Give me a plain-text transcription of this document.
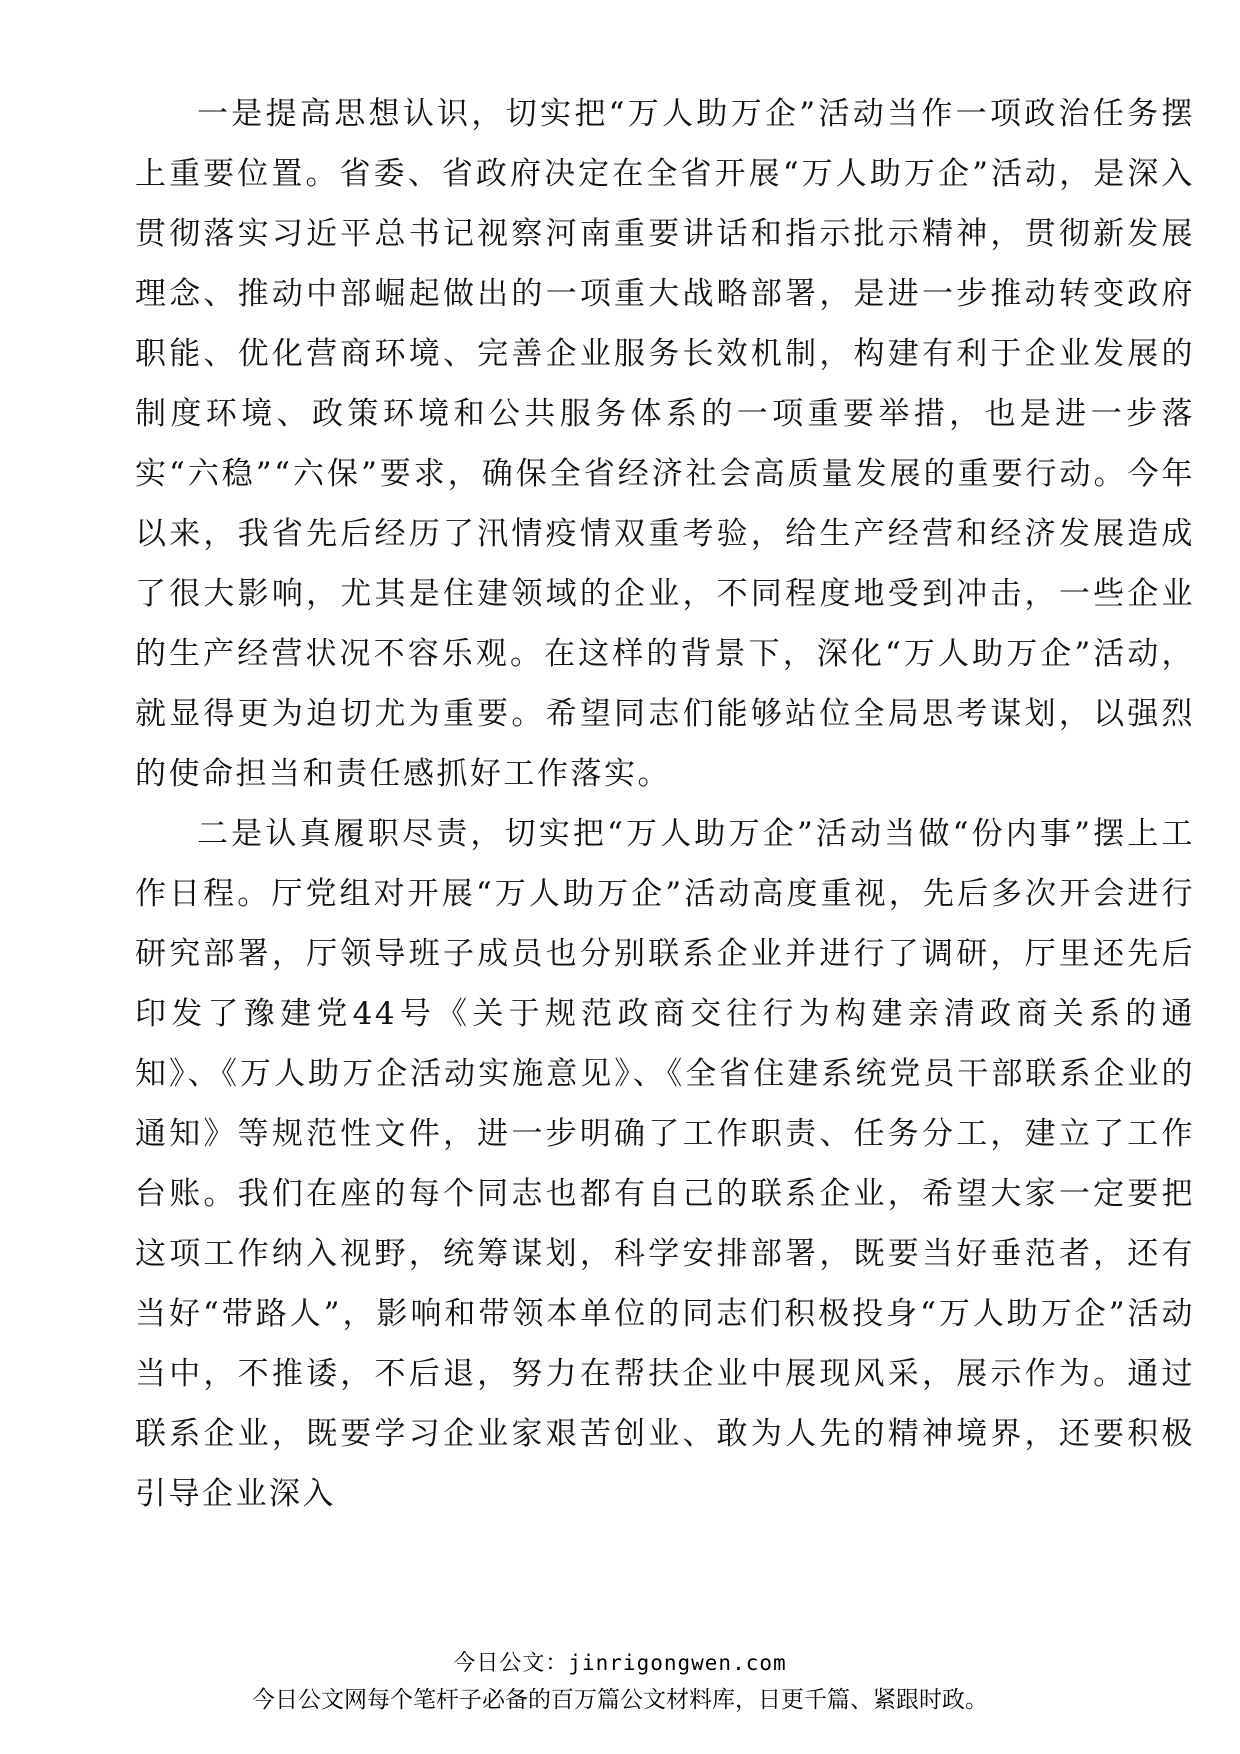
一是提高思想认识，切实把“万人助万企”活动当作一项政治任务摆上重要位置。省委、省政府决定在全省开展“万人助万企”活动，是深入贯彻落实习近平总书记视察河南重要讲话和指示批示精神，贯彻新发展理念、推动中部崛起做出的一项重大战略部署，是进一步推动转变政府职能、优化营商环境、完善企业服务长效机制，构建有利于企业发展的制度环境、政策环境和公共服务体系的一项重要举措，也是进一步落实“六稳”“六保”要求，确保全省经济社会高质量发展的重要行动。今年以来，我省先后经历了汛情疫情双重考验，给生产经营和经济发展造成了很大影响，尤其是住建领域的企业，不同程度地受到冲击，一些企业的生产经营状况不容乐观。在这样的背景下，深化“万人助万企”活动，就显得更为迫切尤为重要。希望同志们能够站位全局思考谋划，以强烈的使命担当和责任感抓好工作落实。

二是认真履职尽责，切实把“万人助万企”活动当做“份内事”摆上工作日程。厅党组对开展“万人助万企”活动高度重视，先后多次开会进行研究部署，厅领导班子成员也分别联系企业并进行了调研，厅里还先后印发了豫建党44号《关于规范政商交往行为构建亲清政商关系的通知》、《万人助万企活动实施意见》、《全省住建系统党员干部联系企业的通知》等规范性文件，进一步明确了工作职责、任务分工，建立了工作台账。我们在座的每个同志也都有自己的联系企业，希望大家一定要把这项工作纳入视野，统筹谋划，科学安排部署，既要当好垂范者，还有当好“带路人”，影响和带领本单位的同志们积极投身“万人助万企”活动当中，不推诿，不后退，努力在帮扶企业中展现风采，展示作为。通过联系企业，既要学习企业家艰苦创业、敢为人先的精神境界，还要积极引导企业深入

今日公文：jinrigongwen.com
今日公文网每个笔杆子必备的百万篇公文材料库，日更千篇、紧跟时政。
